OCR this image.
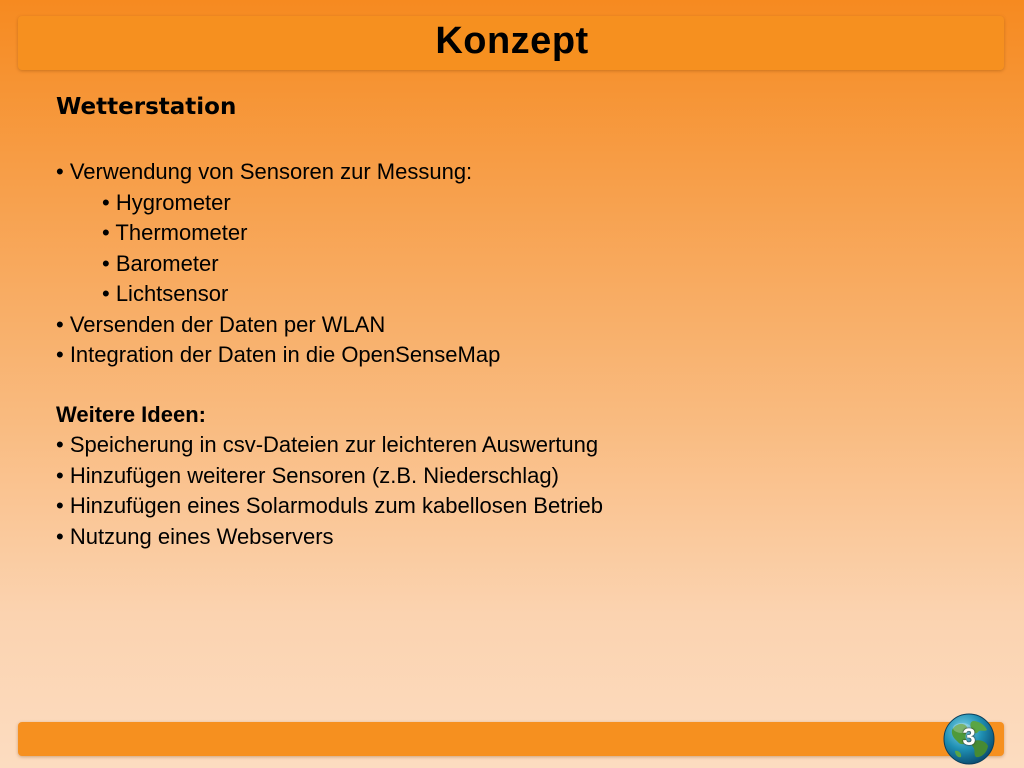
Konzept
Wetterstation
• Verwendung von Sensoren zur Messung:
• Hygrometer
• Thermometer
• Barometer
• Lichtsensor
• Versenden der Daten per WLAN
• Integration der Daten in die OpenSenseMap
Weitere Ideen:
• Speicherung in csv-Dateien zur leichteren Auswertung
• Hinzufügen weiterer Sensoren (z.B. Niederschlag)
• Hinzufügen eines Solarmoduls zum kabellosen Betrieb
• Nutzung eines Webservers
3
